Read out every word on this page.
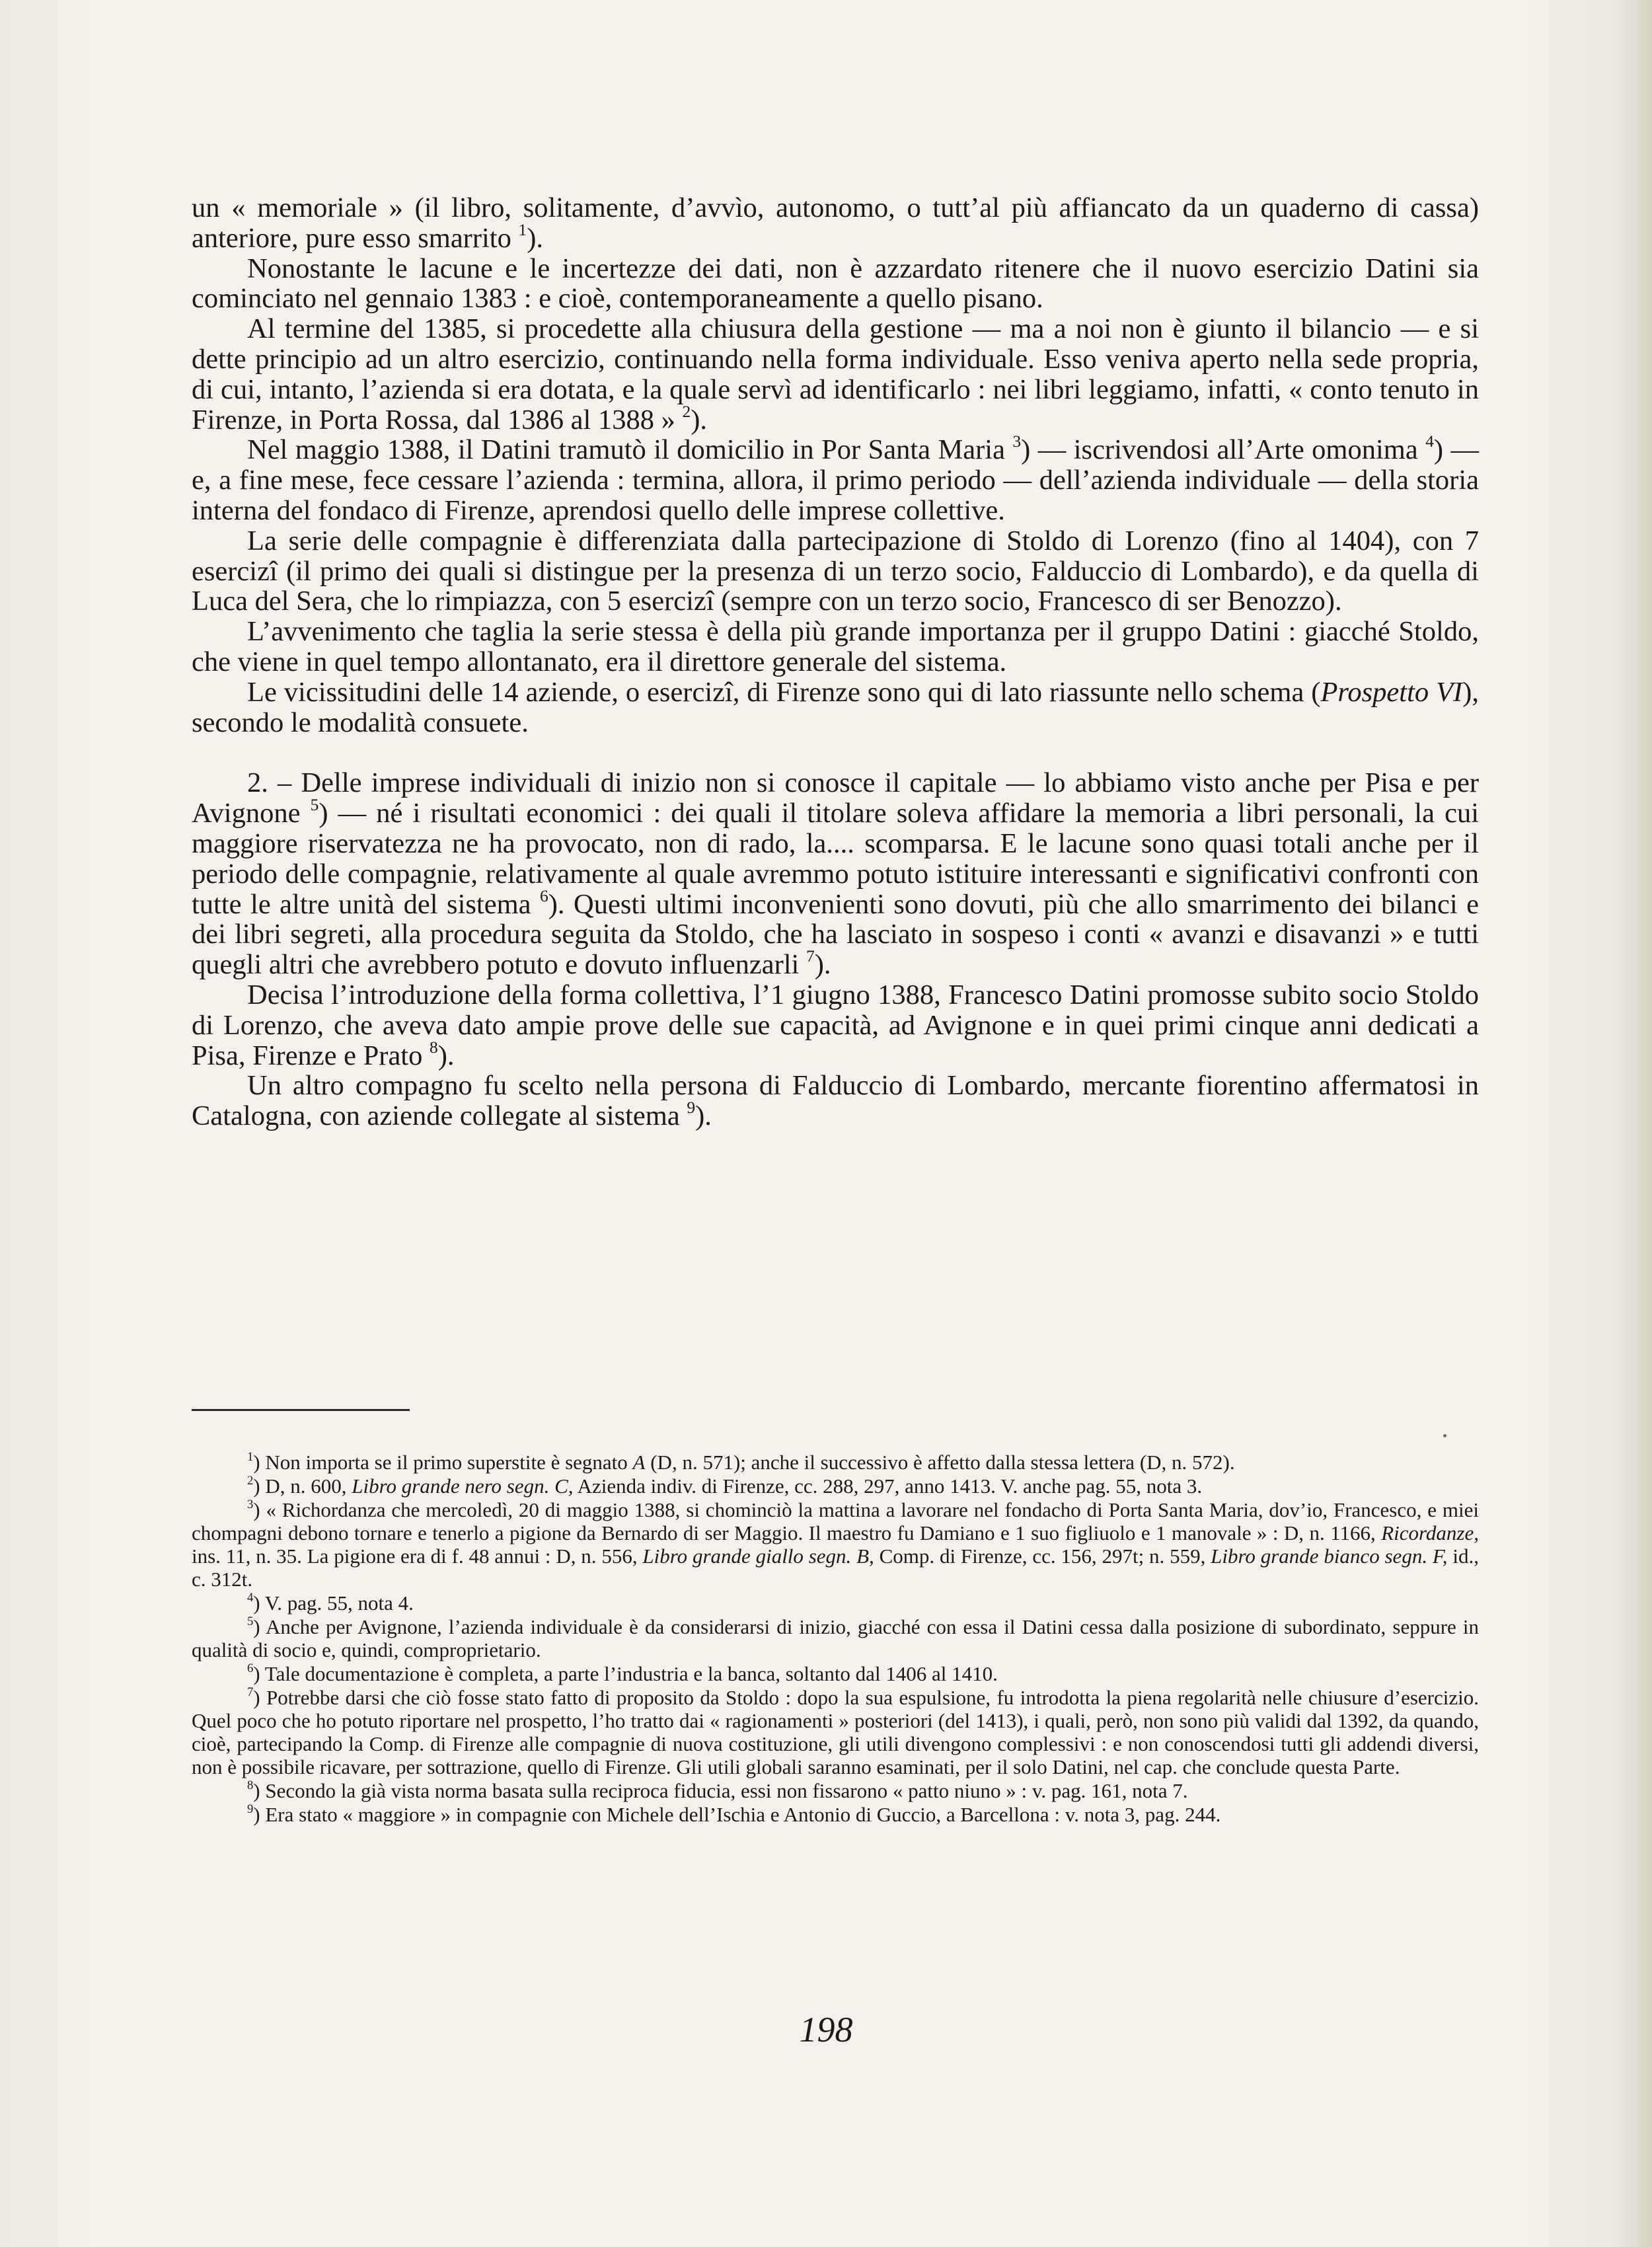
un « memoriale » (il libro, solitamente, d’avvìo, autonomo, o tutt’al più affiancato da un quaderno di cassa) anteriore, pure esso smarrito $^1$).

Nonostante le lacune e le incertezze dei dati, non è azzardato ritenere che il nuovo esercizio Datini sia cominciato nel gennaio 1383 : e cioè, contemporaneamente a quello pisano.

Al termine del 1385, si procedette alla chiusura della gestione — ma a noi non è giunto il bilancio — e si dette principio ad un altro esercizio, continuando nella forma individuale. Esso veniva aperto nella sede propria, di cui, intanto, l’azienda si era dotata, e la quale servì ad identificarlo : nei libri leggiamo, infatti, « conto tenuto in Firenze, in Porta Rossa, dal 1386 al 1388 » $^2$).

Nel maggio 1388, il Datini tramutò il domicilio in Por Santa Maria $^3$) — iscrivendosi all’Arte omonima $^4$) — e, a fine mese, fece cessare l’azienda : termina, allora, il primo periodo — dell’azienda individuale — della storia interna del fondaco di Firenze, aprendosi quello delle imprese collettive.

La serie delle compagnie è differenziata dalla partecipazione di Stoldo di Lorenzo (fino al 1404), con 7 esercizî (il primo dei quali si distingue per la presenza di un terzo socio, Falduccio di Lombardo), e da quella di Luca del Sera, che lo rimpiazza, con 5 esercizî (sempre con un terzo socio, Francesco di ser Benozzo).

L’avvenimento che taglia la serie stessa è della più grande importanza per il gruppo Datini : giacché Stoldo, che viene in quel tempo allontanato, era il direttore generale del sistema.

Le vicissitudini delle 14 aziende, o esercizî, di Firenze sono qui di lato riassunte nello schema (Prospetto VI), secondo le modalità consuete.

2. – Delle imprese individuali di inizio non si conosce il capitale — lo abbiamo visto anche per Pisa e per Avignone $^5$) — né i risultati economici : dei quali il titolare soleva affidare la memoria a libri personali, la cui maggiore riservatezza ne ha provocato, non di rado, la.... scomparsa. E le lacune sono quasi totali anche per il periodo delle compagnie, relativamente al quale avremmo potuto istituire interessanti e significativi confronti con tutte le altre unità del sistema $^6$). Questi ultimi inconvenienti sono dovuti, più che allo smarrimento dei bilanci e dei libri segreti, alla procedura seguita da Stoldo, che ha lasciato in sospeso i conti « avanzi e disavanzi » e tutti quegli altri che avrebbero potuto e dovuto influenzarli $^7$).

Decisa l’introduzione della forma collettiva, l’1 giugno 1388, Francesco Datini promosse subito socio Stoldo di Lorenzo, che aveva dato ampie prove delle sue capacità, ad Avignone e in quei primi cinque anni dedicati a Pisa, Firenze e Prato $^8$).

Un altro compagno fu scelto nella persona di Falduccio di Lombardo, mercante fiorentino affermatosi in Catalogna, con aziende collegate al sistema $^9$).

$^1$) Non importa se il primo superstite è segnato A (D, n. 571); anche il successivo è affetto dalla stessa lettera (D, n. 572).

$^2$) D, n. 600, Libro grande nero segn. C, Azienda indiv. di Firenze, cc. 288, 297, anno 1413. V. anche pag. 55, nota 3.

$^3$) « Richordanza che mercoledì, 20 di maggio 1388, si chominciò la mattina a lavorare nel fondacho di Porta Santa Maria, dov’io, Francesco, e miei chompagni debono tornare e tenerlo a pigione da Bernardo di ser Maggio. Il maestro fu Damiano e 1 suo figliuolo e 1 manovale » : D, n. 1166, Ricordanze, ins. 11, n. 35. La pigione era di f. 48 annui : D, n. 556, Libro grande giallo segn. B, Comp. di Firenze, cc. 156, 297t; n. 559, Libro grande bianco segn. F, id., c. 312t.

$^4$) V. pag. 55, nota 4.

$^5$) Anche per Avignone, l’azienda individuale è da considerarsi di inizio, giacché con essa il Datini cessa dalla posizione di subordinato, seppure in qualità di socio e, quindi, comproprietario.

$^6$) Tale documentazione è completa, a parte l’industria e la banca, soltanto dal 1406 al 1410.

$^7$) Potrebbe darsi che ciò fosse stato fatto di proposito da Stoldo : dopo la sua espulsione, fu introdotta la piena regolarità nelle chiusure d’esercizio. Quel poco che ho potuto riportare nel prospetto, l’ho tratto dai « ragionamenti » posteriori (del 1413), i quali, però, non sono più validi dal 1392, da quando, cioè, partecipando la Comp. di Firenze alle compagnie di nuova costituzione, gli utili divengono complessivi : e non conoscendosi tutti gli addendi diversi, non è possibile ricavare, per sottrazione, quello di Firenze. Gli utili globali saranno esaminati, per il solo Datini, nel cap. che conclude questa Parte.

$^8$) Secondo la già vista norma basata sulla reciproca fiducia, essi non fissarono « patto niuno » : v. pag. 161, nota 7.

$^9$) Era stato « maggiore » in compagnie con Michele dell’Ischia e Antonio di Guccio, a Barcellona : v. nota 3, pag. 244.

198
